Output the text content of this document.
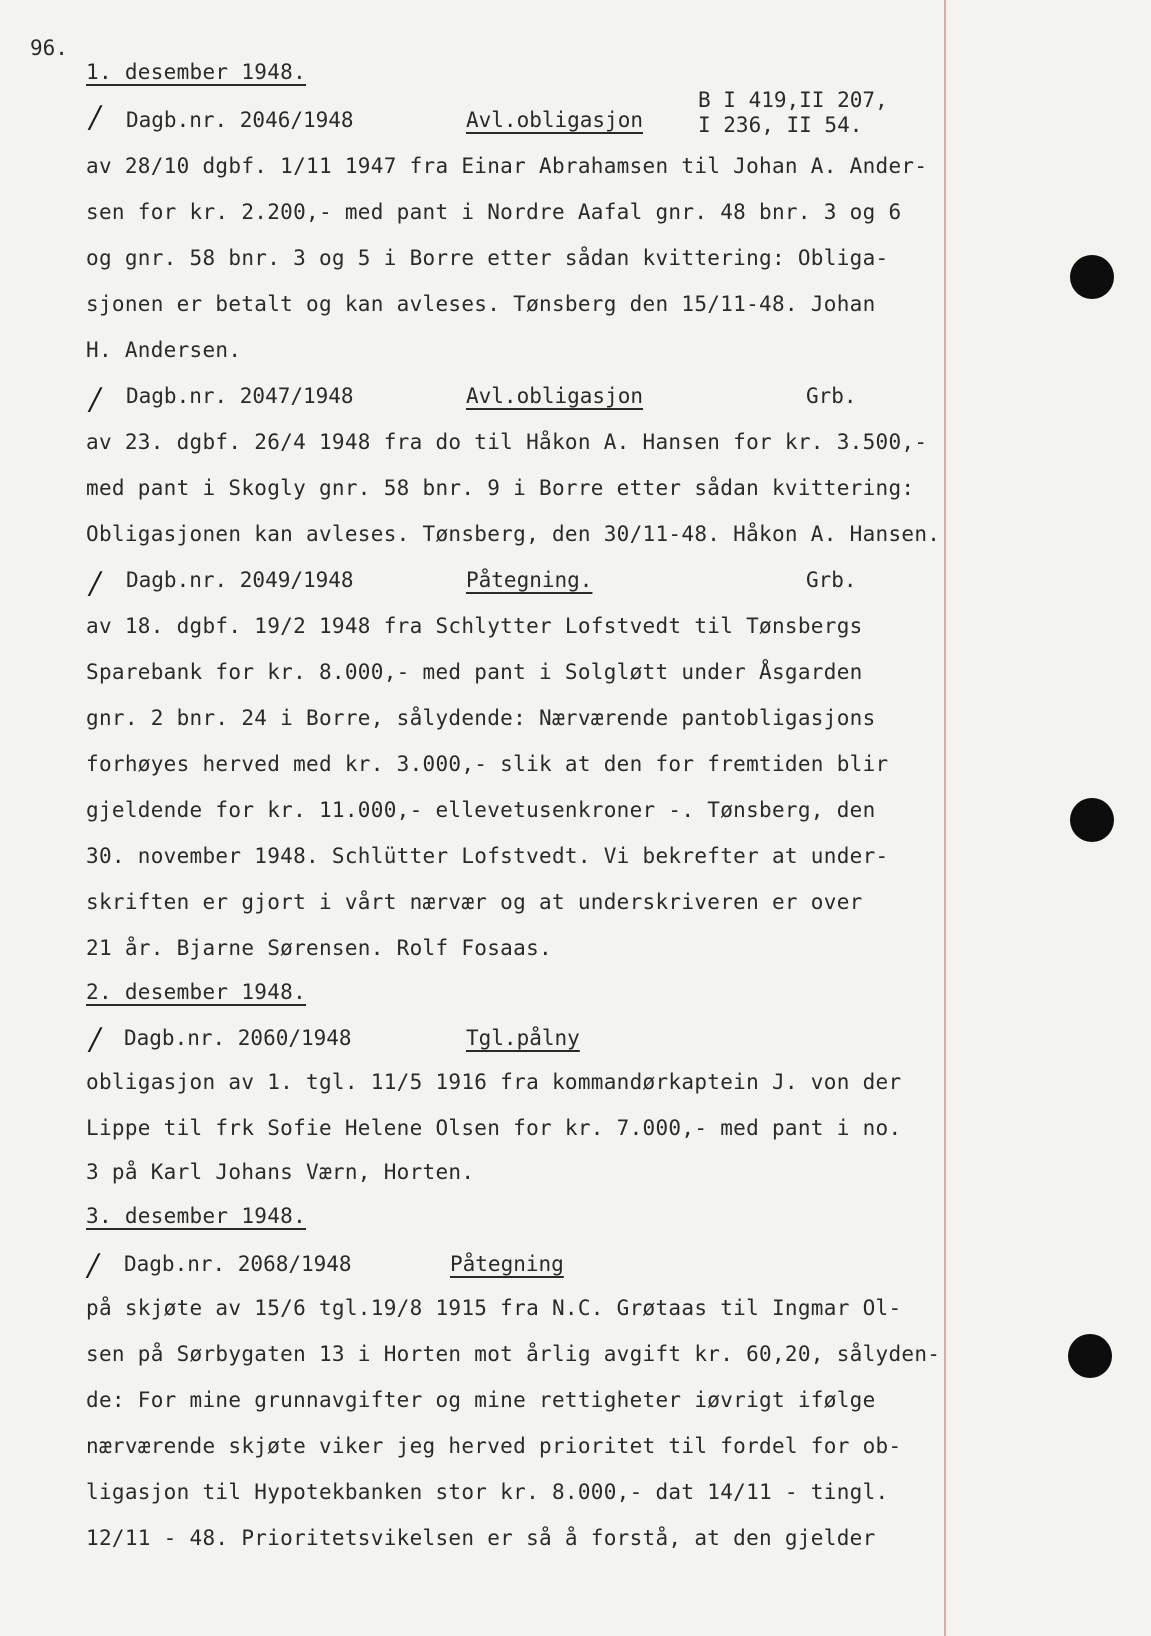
96.
1. desember 1948.
/ Dagb.nr. 2046/1948	Avl.obligasjon
B I 419,II 207,
I 236, II 54.
av 28/10 dgbf. 1/11 1947 fra Einar Abrahamsen til Johan A. Ander-
sen for kr. 2.200,- med pant i Nordre Aafal gnr. 48 bnr. 3 og 6
og gnr. 58 bnr. 3 og 5 i Borre etter sådan kvittering: Obliga-
sjonen er betalt og kan avleses. Tønsberg den 15/11-48. Johan
H. Andersen.
/ Dagb.nr. 2047/1948	Avl.obligasjon	Grb.
av 23. dgbf. 26/4 1948 fra do til Håkon A. Hansen for kr. 3.500,-
med pant i Skogly gnr. 58 bnr. 9 i Borre etter sådan kvittering:
Obligasjonen kan avleses. Tønsberg, den 30/11-48. Håkon A. Hansen.
/ Dagb.nr. 2049/1948	Påtegning.	Grb.
av 18. dgbf. 19/2 1948 fra Schlytter Lofstvedt til Tønsbergs
Sparebank for kr. 8.000,- med pant i Solgløtt under Åsgarden
gnr. 2 bnr. 24 i Borre, sålydende: Nærværende pantobligasjons
forhøyes herved med kr. 3.000,- slik at den for fremtiden blir
gjeldende for kr. 11.000,- ellevetusenkroner -. Tønsberg, den
30. november 1948. Schlütter Lofstvedt. Vi bekrefter at under-
skriften er gjort i vårt nærvær og at underskriveren er over
21 år. Bjarne Sørensen. Rolf Fosaas.
2. desember 1948.
/ Dagb.nr. 2060/1948	Tgl.pålny
obligasjon av 1. tgl. 11/5 1916 fra kommandørkaptein J. von der
Lippe til frk Sofie Helene Olsen for kr. 7.000,- med pant i no.
3 på Karl Johans Værn, Horten.
3. desember 1948.
/ Dagb.nr. 2068/1948	Påtegning
på skjøte av 15/6 tgl.19/8 1915 fra N.C. Grøtaas til Ingmar Ol-
sen på Sørbygaten 13 i Horten mot årlig avgift kr. 60,20, sålyden-
de: For mine grunnavgifter og mine rettigheter iøvrigt ifølge
nærværende skjøte viker jeg herved prioritet til fordel for ob-
ligasjon til Hypotekbanken stor kr. 8.000,- dat 14/11 - tingl.
12/11 - 48. Prioritetsvikelsen er så å forstå, at den gjelder
